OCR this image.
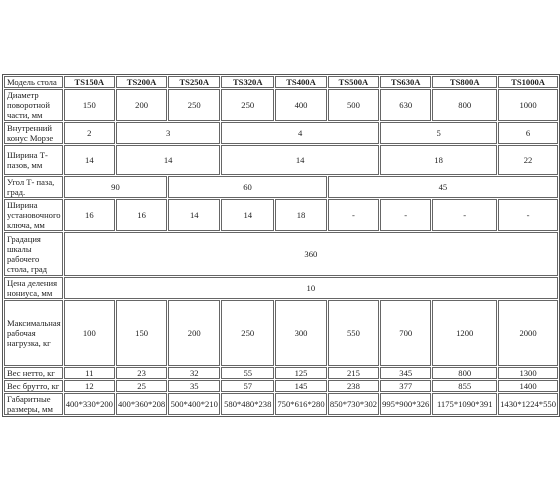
Модель стола	TS150A	TS200A	TS250A	TS320A	TS400A	TS500A	TS630A	TS800A	TS1000A
Диаметр поворотной части, мм	150	200	250	250	400	500	630	800	1000
Внутренний конус Морзе	2	3		4			5		6
Ширина Т-пазов, мм	14	14		14			18		22
Угол Т- паза, град.	90		60			45			
Ширина установочного ключа, мм	16	16	14	14	18	-	-	-	-
Градация шкалы рабочего стола, град	360								
Цена деления нониуса, мм	10								
Максимальная рабочая нагрузка, кг	100	150	200	250	300	550	700	1200	2000
Вес нетто, кг	11	23	32	55	125	215	345	800	1300
Вес брутто, кг	12	25	35	57	145	238	377	855	1400
Габаритные размеры, мм	400*330*200	400*360*208	500*400*210	580*480*238	750*616*280	850*730*302	995*900*326	1175*1090*391	1430*1224*550
